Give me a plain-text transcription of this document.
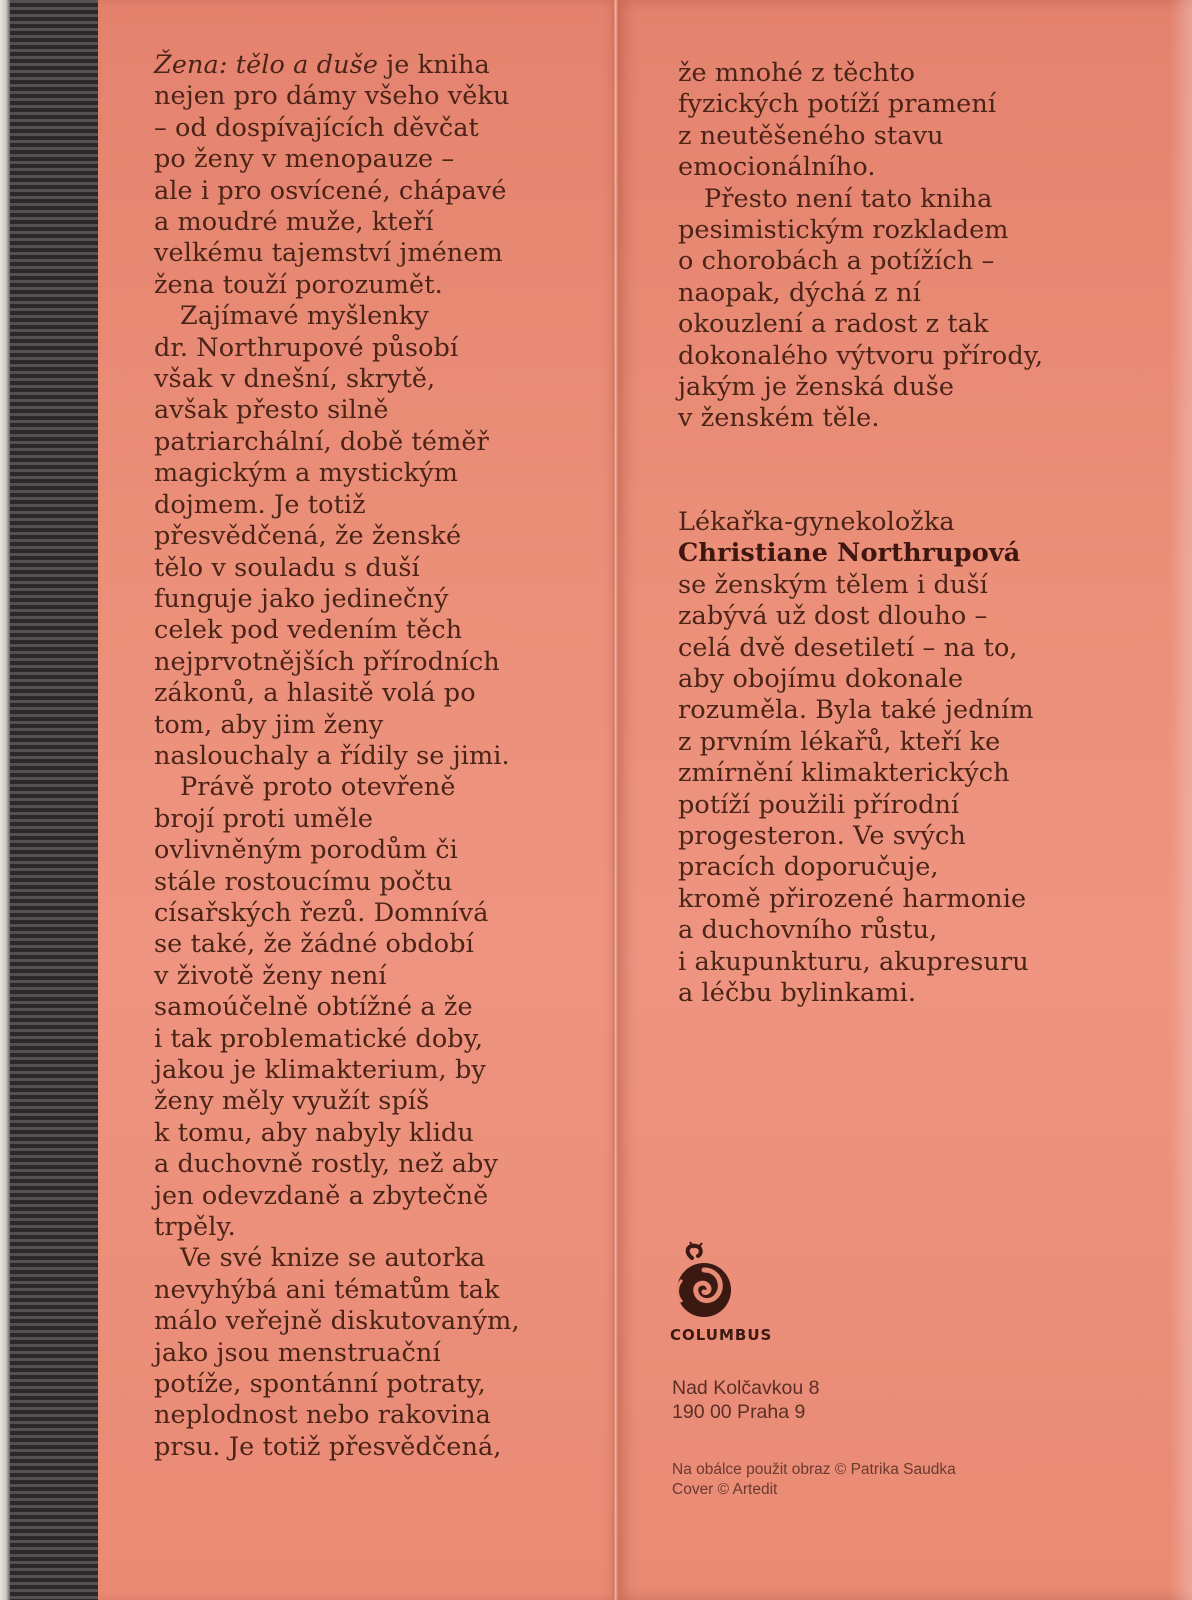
Žena: tělo a duše je kniha
nejen pro dámy všeho věku
– od dospívajících děvčat
po ženy v menopauze –
ale i pro osvícené, chápavé
a moudré muže, kteří
velkému tajemství jménem
žena touží porozumět.

Zajímavé myšlenky
dr. Northrupové působí
však v dnešní, skrytě,
avšak přesto silně
patriarchální, době téměř
magickým a mystickým
dojmem. Je totiž
přesvědčená, že ženské
tělo v souladu s duší
funguje jako jedinečný
celek pod vedením těch
nejprvotnějších přírodních
zákonů, a hlasitě volá po
tom, aby jim ženy
naslouchaly a řídily se jimi.

Právě proto otevřeně
brojí proti uměle
ovlivněným porodům či
stále rostoucímu počtu
císařských řezů. Domnívá
se také, že žádné období
v životě ženy není
samoúčelně obtížné a že
i tak problematické doby,
jakou je klimakterium, by
ženy měly využít spíš
k tomu, aby nabyly klidu
a duchovně rostly, než aby
jen odevzdaně a zbytečně
trpěly.

Ve své knize se autorka
nevyhýbá ani tématům tak
málo veřejně diskutovaným,
jako jsou menstruační
potíže, spontánní potraty,
neplodnost nebo rakovina
prsu. Je totiž přesvědčená,

že mnohé z těchto
fyzických potíží pramení
z neutěšeného stavu
emocionálního.

Přesto není tato kniha
pesimistickým rozkladem
o chorobách a potížích –
naopak, dýchá z ní
okouzlení a radost z tak
dokonalého výtvoru přírody,
jakým je ženská duše
v ženském těle.

Lékařka-gynekoložka

Christiane Northrupová

se ženským tělem i duší
zabývá už dost dlouho –
celá dvě desetiletí – na to,
aby obojímu dokonale
rozuměla. Byla také jedním
z prvním lékařů, kteří ke
zmírnění klimakterických
potíží použili přírodní
progesteron. Ve svých
pracích doporučuje,
kromě přirozené harmonie
a duchovního růstu,
i akupunkturu, akupresuru
a léčbu bylinkami.

COLUMBUS

Nad Kolčavkou 8
190 00 Praha 9

Na obálce použit obraz © Patrika Saudka
Cover © Artedit
